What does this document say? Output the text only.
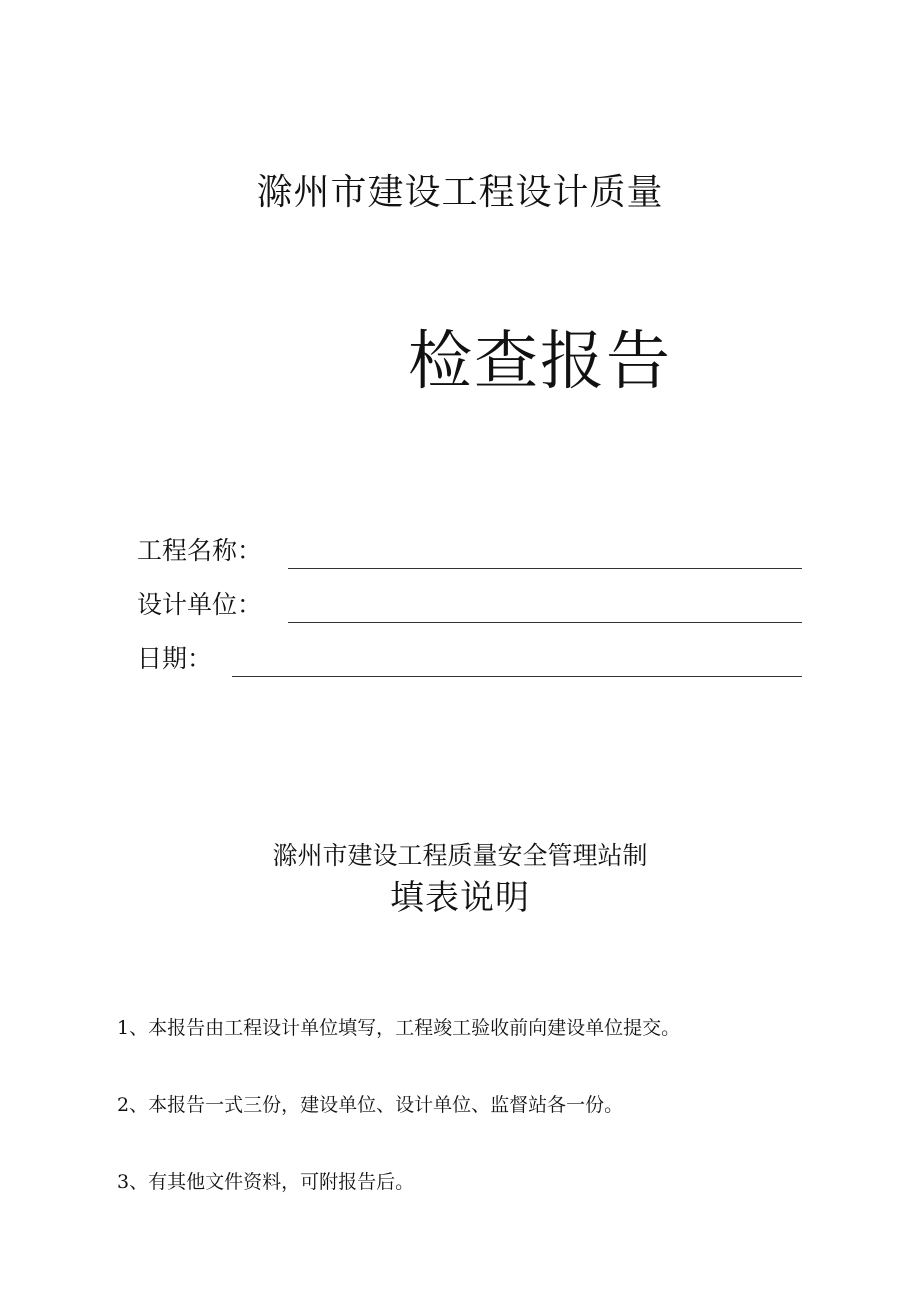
滁州市建设工程设计质量
检查报告
工程名称：
设计单位：
日期：
滁州市建设工程质量安全管理站制
填表说明
1、本报告由工程设计单位填写，工程竣工验收前向建设单位提交。
2、本报告一式三份，建设单位、设计单位、监督站各一份。
3、有其他文件资料，可附报告后。
